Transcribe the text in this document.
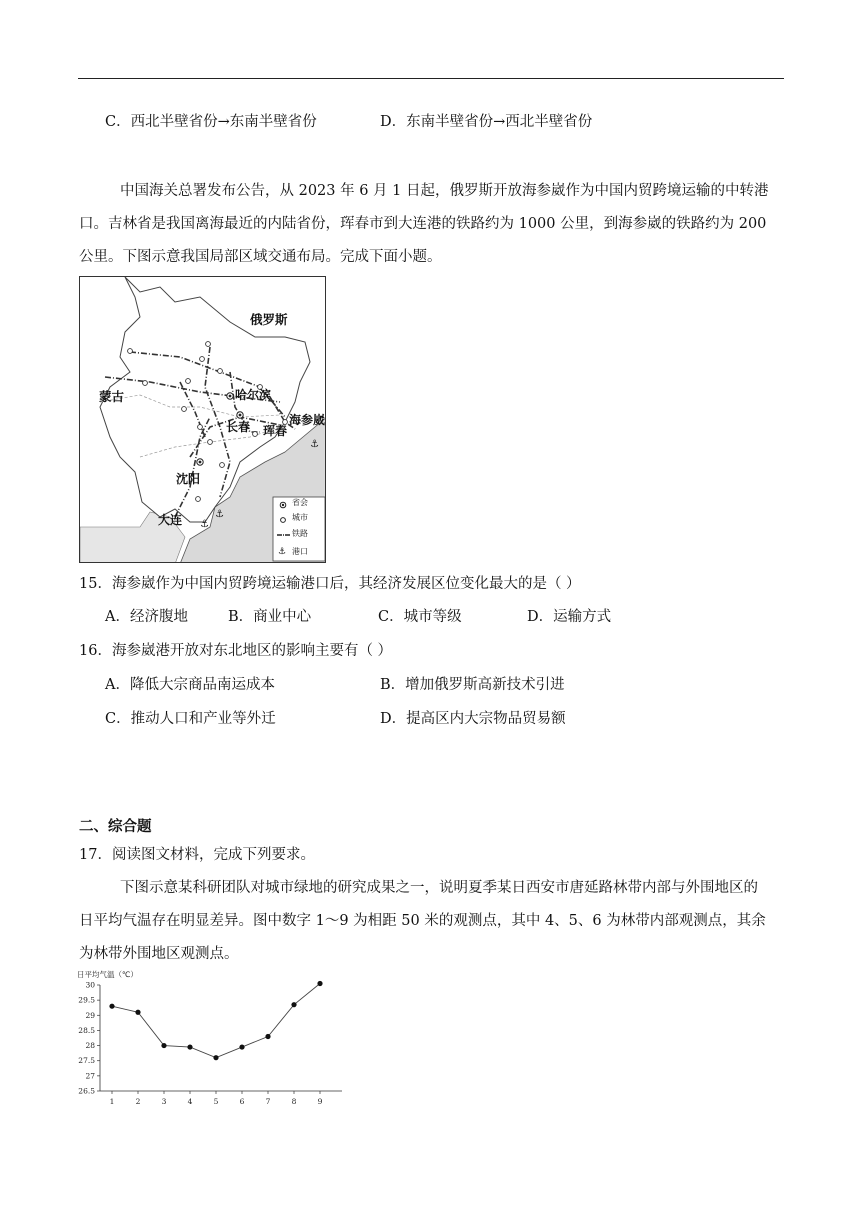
C．西北半壁省份→东南半壁省份	D．东南半壁省份→西北半壁省份
中国海关总署发布公告，从 2023 年 6 月 1 日起，俄罗斯开放海参崴作为中国内贸跨境运输的中转港
口。吉林省是我国离海最近的内陆省份，珲春市到大连港的铁路约为 1000 公里，到海参崴的铁路约为 200
公里。下图示意我国局部区域交通布局。完成下面小题。
⚓
⚓
⚓
⚓
俄罗斯
蒙古	哈尔滨
长春 珲春
海参崴
沈阳
大连
省会
城市
铁路
港口
15．海参崴作为中国内贸跨境运输港口后，其经济发展区位变化最大的是（ ）
A．经济腹地	B．商业中心	C．城市等级	D．运输方式
16．海参崴港开放对东北地区的影响主要有（ ）
A．降低大宗商品南运成本	B．增加俄罗斯高新技术引进
C．推动人口和产业等外迁	D．提高区内大宗物品贸易额
二、综合题
17．阅读图文材料，完成下列要求。
下图示意某科研团队对城市绿地的研究成果之一，说明夏季某日西安市唐延路林带内部与外围地区的
日平均气温存在明显差异。图中数字 1～9 为相距 50 米的观测点，其中 4、5、6 为林带内部观测点，其余
为林带外围地区观测点。
日平均气温（℃）
30
29.5
29
28.5
28
27.5
27
26.5
1	2	3	4	5	6	7	8	9
